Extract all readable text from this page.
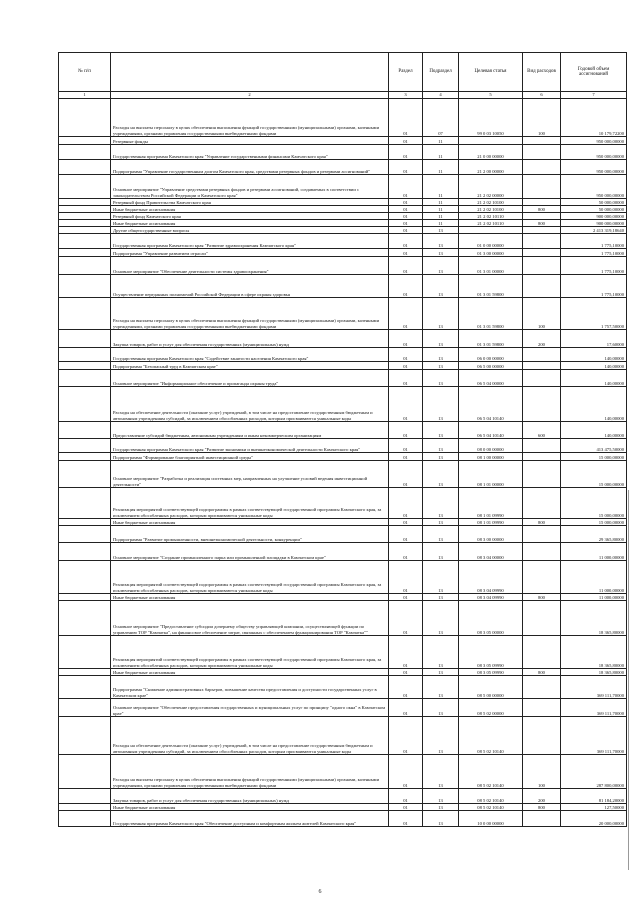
№ п/п		Раздел	Подраздел	Целевая статья	Вид расходов	Годовой объем ассигнований
1	2	3	4	5	6	7
	Расходы на выплаты персоналу в целях обеспечения выполнения функций государственными (муниципальными) органами, казенными учреждениями, органами управления государственными внебюджетными фондами	01	07	99 0 03 10050	100	10 179,72200
	Резервные фонды	01	11			950 000,00000
	Государственная программа Камчатского края "Управление государственными финансами Камчатского края"	01	11	21 0 00 00000		950 000,00000
	Подпрограмма "Управление государственным долгом Камчатского края, средствами резервных фондов и резервами ассигнований"	01	11	21 2 00 00000		950 000,00000
	Основное мероприятие "Управление средствами резервных фондов и резервами ассигнований, создаваемых в соответствии с законодательством Российской Федерации и Камчатского края"	01	11	21 2 02 00000		950 000,00000
	Резервный фонд Правительства Камчатского края	01	11	21 2 02 10100		50 000,00000
	Иные бюджетные ассигнования	01	11	21 2 02 10100	800	50 000,00000
	Резервный фонд Камчатского края	01	11	21 2 02 10110		900 000,00000
	Иные бюджетные ассигнования	01	11	21 2 02 10110	800	900 000,00000
	Другие общегосударственные вопросы	01	13			2 413 319,18640
	Государственная программа Камчатского края "Развитие здравоохранения Камчатского края"	01	13	01 0 00 00000		1 775,10000
	Подпрограмма "Управление развитием отрасли"	01	13	01 3 00 00000		1 775,10000
	Основное мероприятие "Обеспечение деятельности системы здравоохранения"	01	13	01 3 01 00000		1 775,10000
	Осуществление переданных полномочий Российской Федерации в сфере охраны здоровья	01	13	01 3 01 59800		1 775,10000
	Расходы на выплаты персоналу в целях обеспечения выполнения функций государственными (муниципальными) органами, казенными учреждениями, органами управления государственными внебюджетными фондами	01	13	01 3 01 59800	100	1 757,50000
	Закупка товаров, работ и услуг для обеспечения государственных (муниципальных) нужд	01	13	01 3 01 59800	200	17,60000
	Государственная программа Камчатского края "Содействие занятости населения Камчатского края"	01	13	06 0 00 00000		140,00000
	Подпрограмма "Безопасный труд в Камчатском крае"	01	13	06 5 00 00000		140,00000
	Основное мероприятие "Информационное обеспечение и пропаганда охраны труда"	01	13	06 5 04 00000		140,00000
	Расходы на обеспечение деятельности (оказание услуг) учреждений, в том числе на предоставление государственным бюджетным и автономным учреждениям субсидий, за исключением обособленных расходов, которым присваиваются уникальные коды	01	13	06 5 04 10140		140,00000
	Предоставление субсидий бюджетным, автономным учреждениям и иным некоммерческим организациям	01	13	06 5 04 10140	600	140,00000
	Государственная программа Камчатского края "Развитие экономики и внешнеэкономической деятельности Камчатского края"	01	13	08 0 00 00000		413 475,50000
	Подпрограмма "Формирование благоприятной инвестиционной среды"	01	13	08 1 00 00000		15 000,00000
	Основное мероприятие "Разработка и реализация системных мер, направленных на улучшение условий ведения инвестиционной деятельности"	01	13	08 1 01 00000		15 000,00000
	Реализация мероприятий соответствующей подпрограммы в рамках соответствующей государственной программы Камчатского края, за исключением обособленных расходов, которым присваиваются уникальные коды	01	13	08 1 01 09990		15 000,00000
	Иные бюджетные ассигнования	01	13	08 1 01 09990	800	15 000,00000
	Подпрограмма "Развитие промышленности, внешнеэкономической деятельности, конкуренции"	01	13	08 3 00 00000		29 365,80000
	Основное мероприятие "Создание промышленного парка или промышленной площадки в Камчатском крае"	01	13	08 3 04 00000		11 000,00000
	Реализация мероприятий соответствующей подпрограммы в рамках соответствующей государственной программы Камчатского края, за исключением обособленных расходов, которым присваиваются уникальные коды	01	13	08 3 04 09990		11 000,00000
	Иные бюджетные ассигнования	01	13	08 3 04 09990	800	11 000,00000
	Основное мероприятие "Предоставление субсидии дочернему обществу управляющей компании, осуществляющей функции по управлению ТОР "Камчатка", на финансовое обеспечение затрат, связанных с обеспечением функционирования ТОР "Камчатка""	01	13	08 3 05 00000		18 365,80000
	Реализация мероприятий соответствующей подпрограммы в рамках соответствующей государственной программы Камчатского края, за исключением обособленных расходов, которым присваиваются уникальные коды	01	13	08 3 05 09990		18 365,80000
	Иные бюджетные ассигнования	01	13	08 3 05 09990	800	18 365,80000
	Подпрограмма "Снижение административных барьеров, повышение качества предоставления и доступности государственных услуг в Камчатском крае"	01	13	08 5 00 00000		369 111,70000
	Основное мероприятие "Обеспечение предоставления государственных и муниципальных услуг по принципу "одного окна" в Камчатском крае"	01	13	08 5 02 00000		369 111,70000
	Расходы на обеспечение деятельности (оказание услуг) учреждений, в том числе на предоставление государственным бюджетным и автономным учреждениям субсидий, за исключением обособленных расходов, которым присваиваются уникальные коды	01	13	08 5 02 10140		369 111,70000
	Расходы на выплаты персоналу в целях обеспечения выполнения функций государственными (муниципальными) органами, казенными учреждениями, органами управления государственными внебюджетными фондами	01	13	08 5 02 10140	100	287 800,00000
	Закупка товаров, работ и услуг для обеспечения государственных (муниципальных) нужд	01	13	08 5 02 10140	200	81 184,20000
	Иные бюджетные ассигнования	01	13	08 5 02 10140	800	127,50000
	Государственная программа Камчатского края "Обеспечение доступным и комфортным жильем жителей Камчатского края"	01	13	10 0 00 00000		20 000,00000
6
